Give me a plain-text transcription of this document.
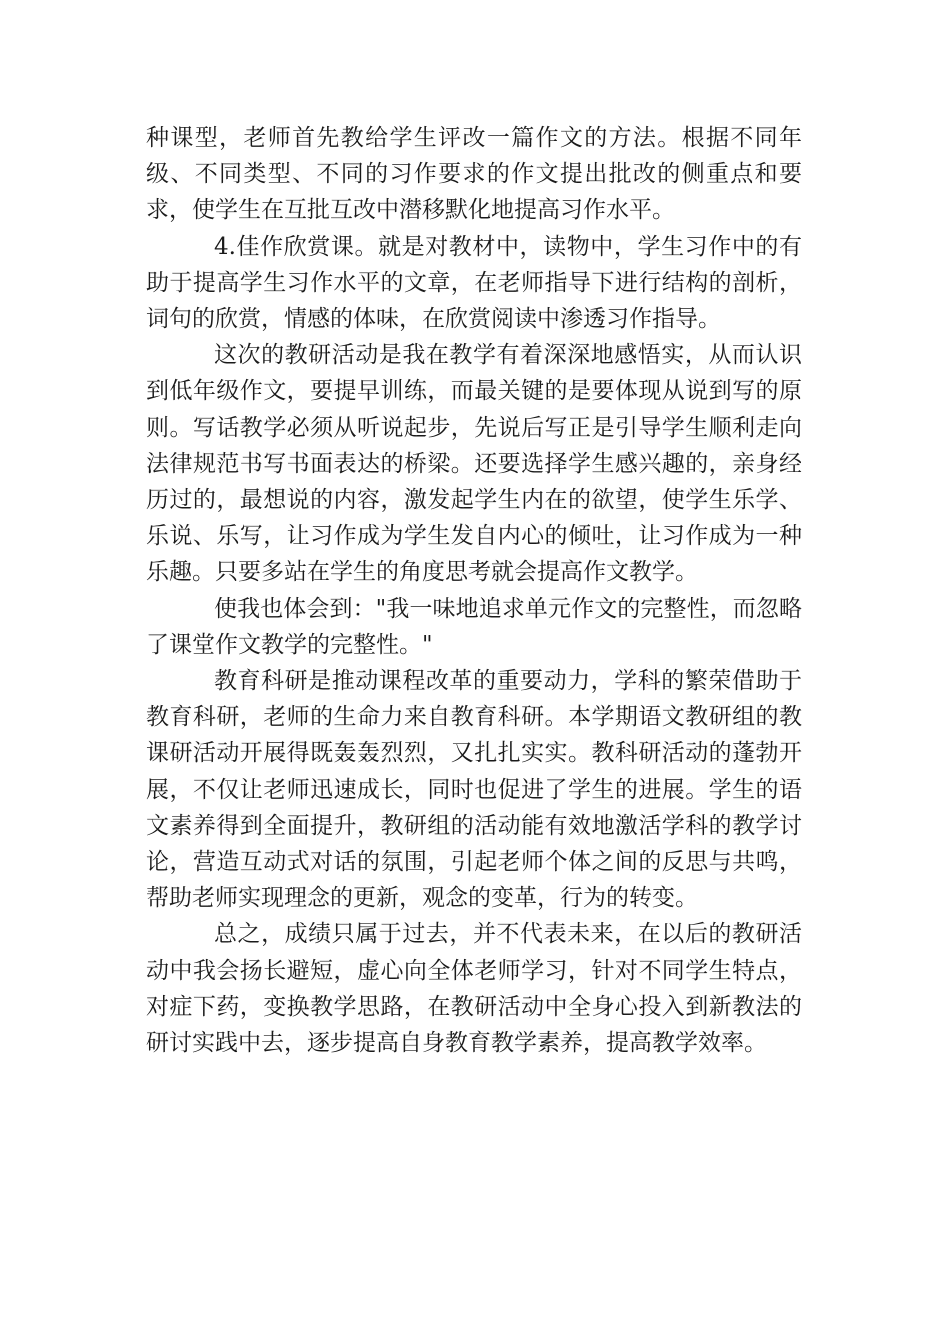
种课型，老师首先教给学生评改一篇作文的方法。根据不同年级、不同类型、不同的习作要求的作文提出批改的侧重点和要求，使学生在互批互改中潜移默化地提高习作水平。

4.佳作欣赏课。就是对教材中，读物中，学生习作中的有助于提高学生习作水平的文章，在老师指导下进行结构的剖析，词句的欣赏，情感的体味，在欣赏阅读中渗透习作指导。

这次的教研活动是我在教学有着深深地感悟实，从而认识到低年级作文，要提早训练，而最关键的是要体现从说到写的原则。写话教学必须从听说起步，先说后写正是引导学生顺利走向法律规范书写书面表达的桥梁。还要选择学生感兴趣的，亲身经历过的，最想说的内容，激发起学生内在的欲望，使学生乐学、乐说、乐写，让习作成为学生发自内心的倾吐，让习作成为一种乐趣。只要多站在学生的角度思考就会提高作文教学。

使我也体会到："我一味地追求单元作文的完整性，而忽略了课堂作文教学的完整性。"

教育科研是推动课程改革的重要动力，学科的繁荣借助于教育科研，老师的生命力来自教育科研。本学期语文教研组的教课研活动开展得既轰轰烈烈，又扎扎实实。教科研活动的蓬勃开展，不仅让老师迅速成长，同时也促进了学生的进展。学生的语文素养得到全面提升，教研组的活动能有效地激活学科的教学讨论，营造互动式对话的氛围，引起老师个体之间的反思与共鸣，帮助老师实现理念的更新，观念的变革，行为的转变。

总之，成绩只属于过去，并不代表未来，在以后的教研活动中我会扬长避短，虚心向全体老师学习，针对不同学生特点，对症下药，变换教学思路，在教研活动中全身心投入到新教法的研讨实践中去，逐步提高自身教育教学素养，提高教学效率。
